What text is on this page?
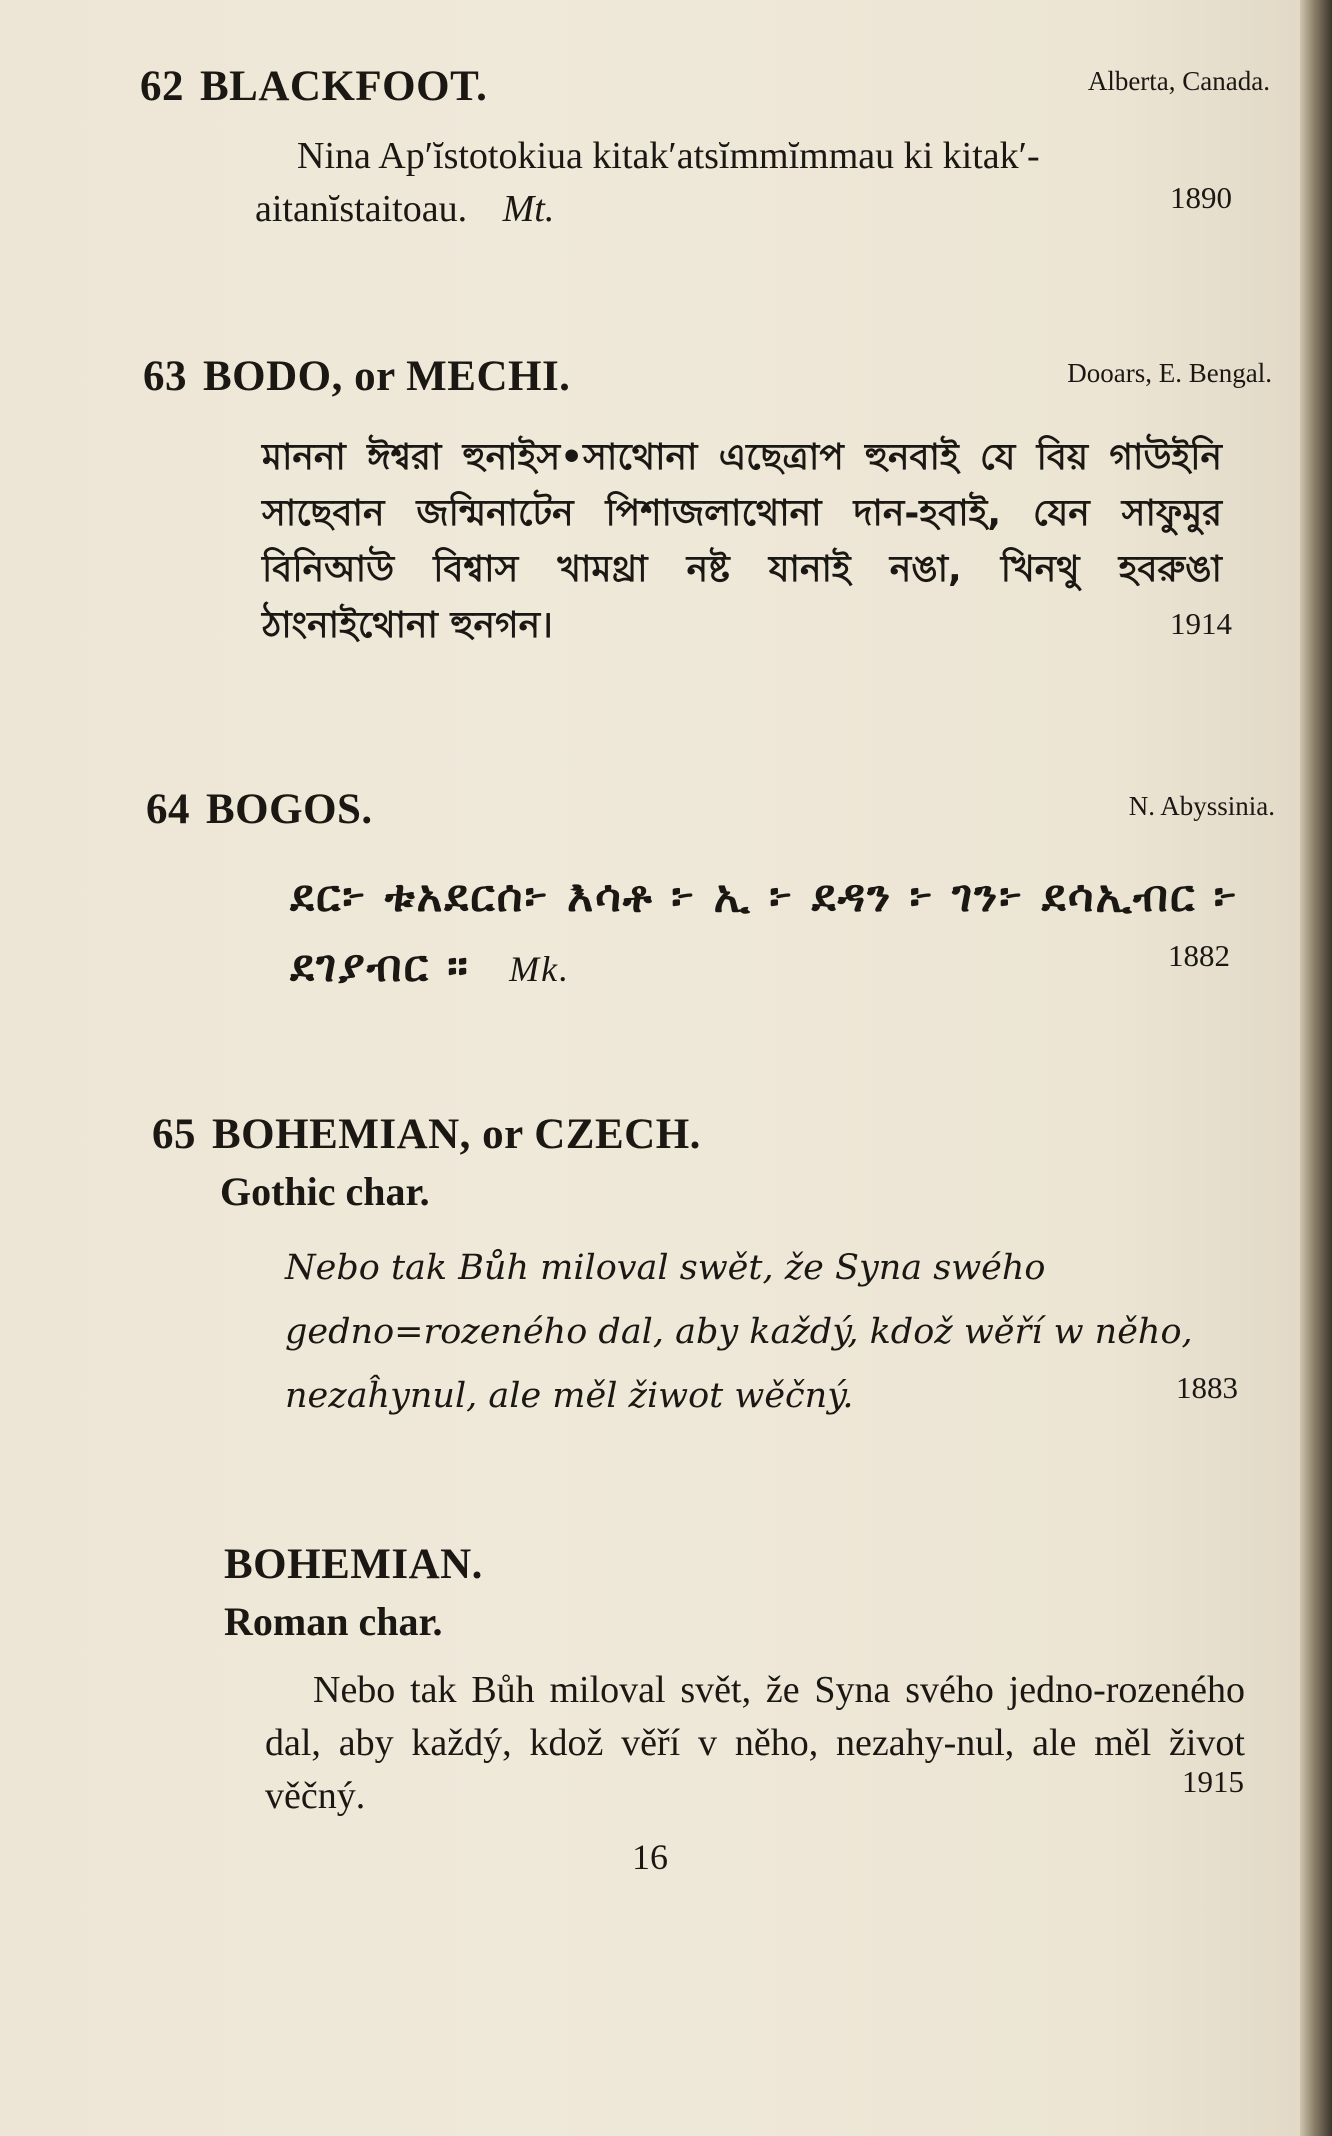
62 BLACKFOOT.	Alberta, Canada.
Nina Ap′ĭstotokiua kitak′atsĭmmĭmmau ki kitak′-aitanĭstaitoau. Mt.	1890
63 BODO, or MECHI.	Dooars, E. Bengal.
মাননা ঈশ্বরা হুনাইস•সাথোনা এছেত্রাপ হুনবাই যে বিয় গাউইনি সাছেবান জন্মিনাটেন পিশাজলাথোনা দান-হবাই, যেন সাফুমুর বিনিআউ বিশ্বাস খামথ্রা নষ্ট যানাই নঙা, খিনথু হবরুঙা ঠাংনাইথোনা হুনগন।	1914
64 BOGOS.	N. Abyssinia.
ደር፦ ቱአደርሰ፦ እሳቶ ፦ ኢ ፦ ደዳን ፦ ገን፦ ደሳኢብር ፦ ደገያብር ። Mk.	1882
65 BOHEMIAN, or CZECH.
Gothic char.
Nebo tak Bůh miloval swět, že Syna swého gedno=rozeného dal, aby každý, kdož wěří w něho, nezaĥynul, ale měl žiwot wěčný.	1883
BOHEMIAN.
Roman char.
Nebo tak Bůh miloval svět, že Syna svého jedno-rozeného dal, aby každý, kdož věří v něho, nezahy-nul, ale měl život věčný.	1915
16
